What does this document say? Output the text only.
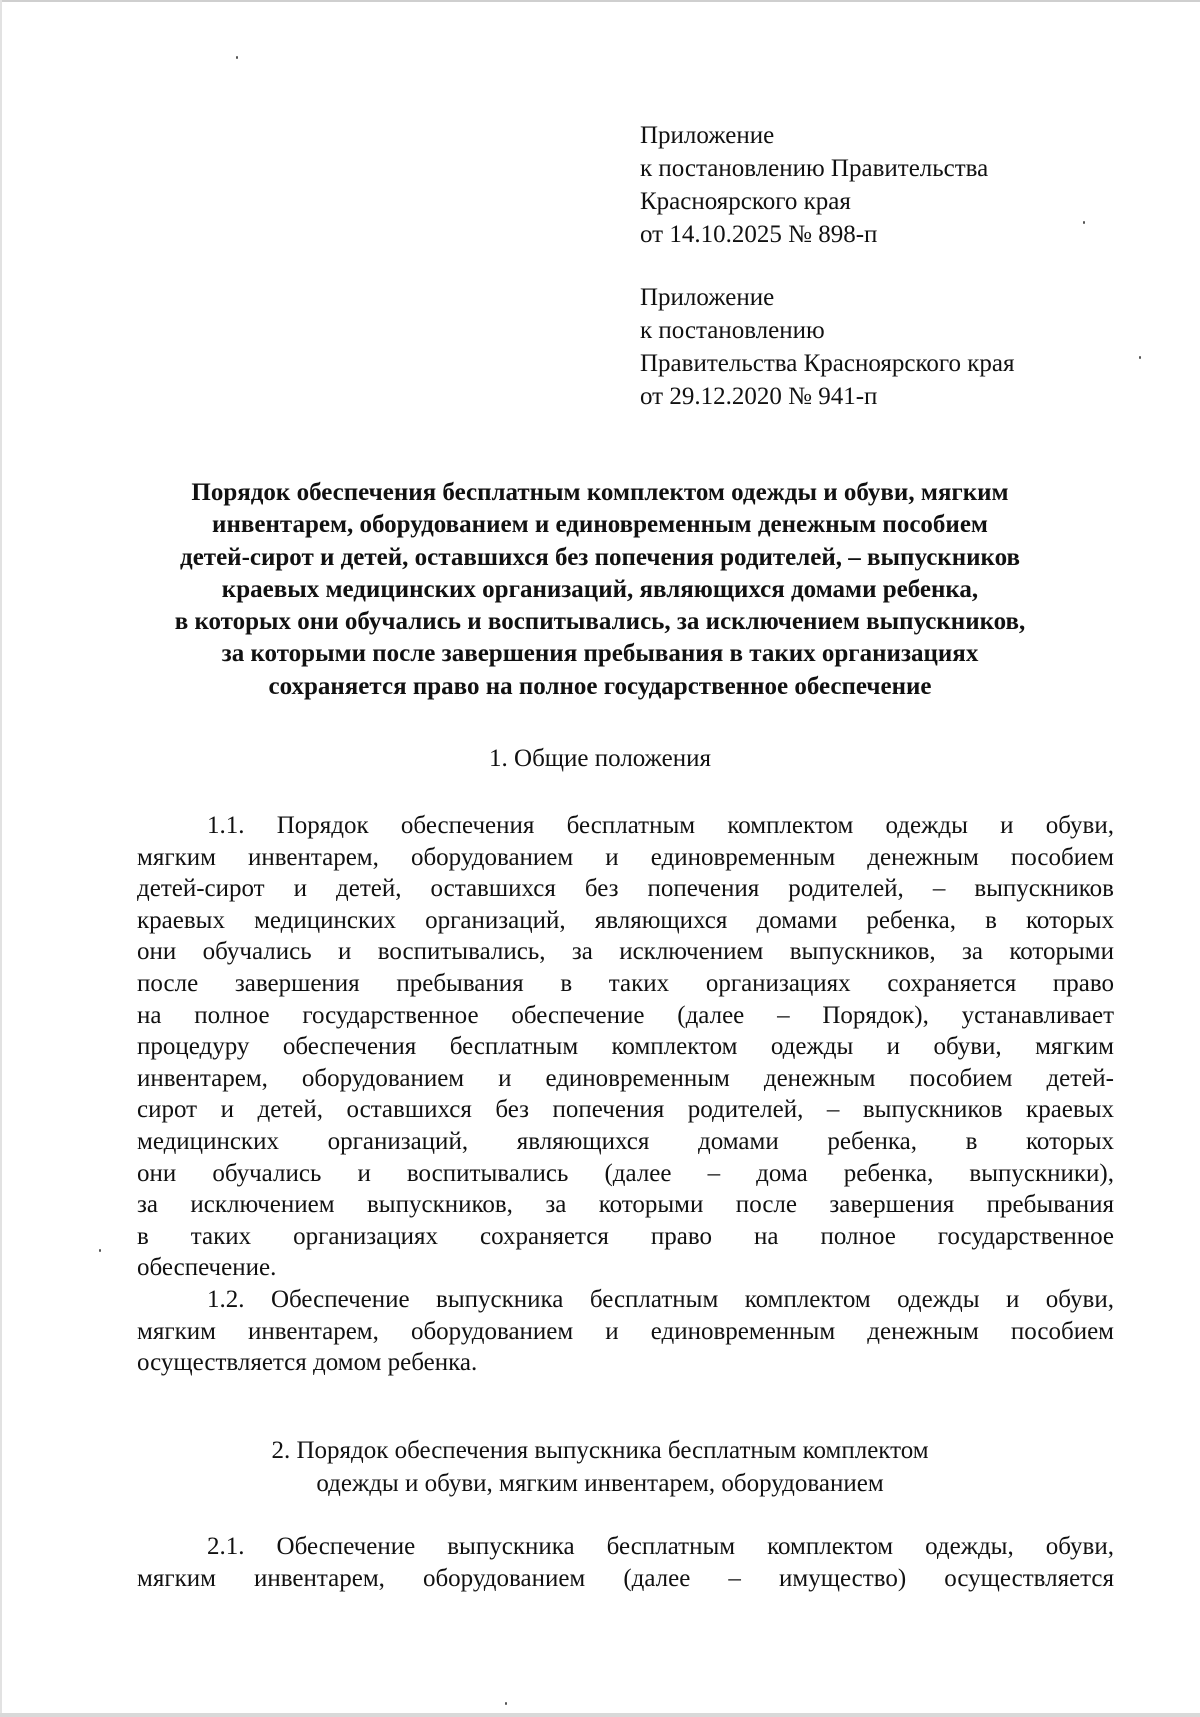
Приложение
к постановлению Правительства
Красноярского края
от 14.10.2025 № 898-п
Приложение
к постановлению
Правительства Красноярского края
от 29.12.2020 № 941-п
Порядок обеспечения бесплатным комплектом одежды и обуви, мягким
инвентарем, оборудованием и единовременным денежным пособием
детей-сирот и детей, оставшихся без попечения родителей, – выпускников
краевых медицинских организаций, являющихся домами ребенка,
в которых они обучались и воспитывались, за исключением выпускников,
за которыми после завершения пребывания в таких организациях
сохраняется право на полное государственное обеспечение
1. Общие положения
1.1. Порядок обеспечения бесплатным комплектом одежды и обуви,
мягким инвентарем, оборудованием и единовременным денежным пособием
детей-сирот и детей, оставшихся без попечения родителей, – выпускников
краевых медицинских организаций, являющихся домами ребенка, в которых
они обучались и воспитывались, за исключением выпускников, за которыми
после завершения пребывания в таких организациях сохраняется право
на полное государственное обеспечение (далее – Порядок), устанавливает
процедуру обеспечения бесплатным комплектом одежды и обуви, мягким
инвентарем, оборудованием и единовременным денежным пособием детей-
сирот и детей, оставшихся без попечения родителей, – выпускников краевых
медицинских организаций, являющихся домами ребенка, в которых
они обучались и воспитывались (далее – дома ребенка, выпускники),
за исключением выпускников, за которыми после завершения пребывания
в таких организациях сохраняется право на полное государственное
обеспечение.
1.2. Обеспечение выпускника бесплатным комплектом одежды и обуви,
мягким инвентарем, оборудованием и единовременным денежным пособием
осуществляется домом ребенка.
2. Порядок обеспечения выпускника бесплатным комплектом
одежды и обуви, мягким инвентарем, оборудованием
2.1. Обеспечение выпускника бесплатным комплектом одежды, обуви,
мягким инвентарем, оборудованием (далее – имущество) осуществляется
